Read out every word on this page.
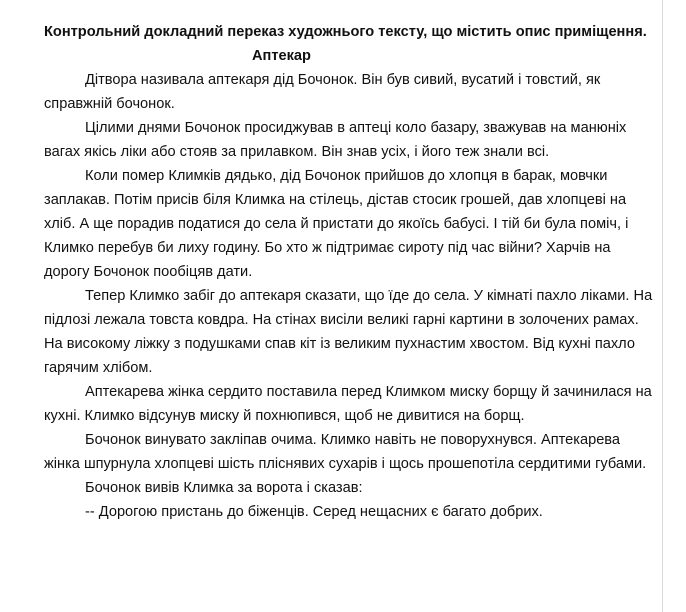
Контрольний докладний переказ художнього тексту, що містить опис приміщення.

Аптекар

Дітвора називала аптекаря дід Бочонок. Він був сивий, вусатий і товстий, як справжній бочонок.

Цілими днями Бочонок просиджував в аптеці коло базару, зважував на манюніх вагах якісь ліки або стояв за прилавком. Він знав усіх, і його теж знали всі.

Коли помер Климків дядько, дід Бочонок прийшов до хлопця в барак, мовчки заплакав. Потім присів біля Климка на стілець, дістав стосик грошей, дав хлопцеві на хліб. А ще порадив податися до села й пристати до якоїсь бабусі. І тій би була поміч, і Климко перебув би лиху годину. Бо хто ж підтримає сироту під час війни? Харчів на дорогу Бочонок пообіцяв дати.

Тепер Климко забіг до аптекаря сказати, що їде до села. У кімнаті пахло ліками. На підлозі лежала товста ковдра. На стінах висіли великі гарні картини в золочених рамах. На високому ліжку з подушками спав кіт із великим пухнастим хвостом. Від кухні пахло гарячим хлібом.

Аптекарева жінка сердито поставила перед Климком миску борщу й зачинилася на кухні. Климко відсунув миску й похнюпився, щоб не дивитися на борщ.

Бочонок винувато закліпав очима. Климко навіть не поворухнувся. Аптекарева жінка шпурнула хлопцеві шість пліснявих сухарів і щось прошепотіла сердитими губами.

Бочонок вивів Климка за ворота і сказав:

-- Дорогою пристань до біженців. Серед нещасних є багато добрих.
